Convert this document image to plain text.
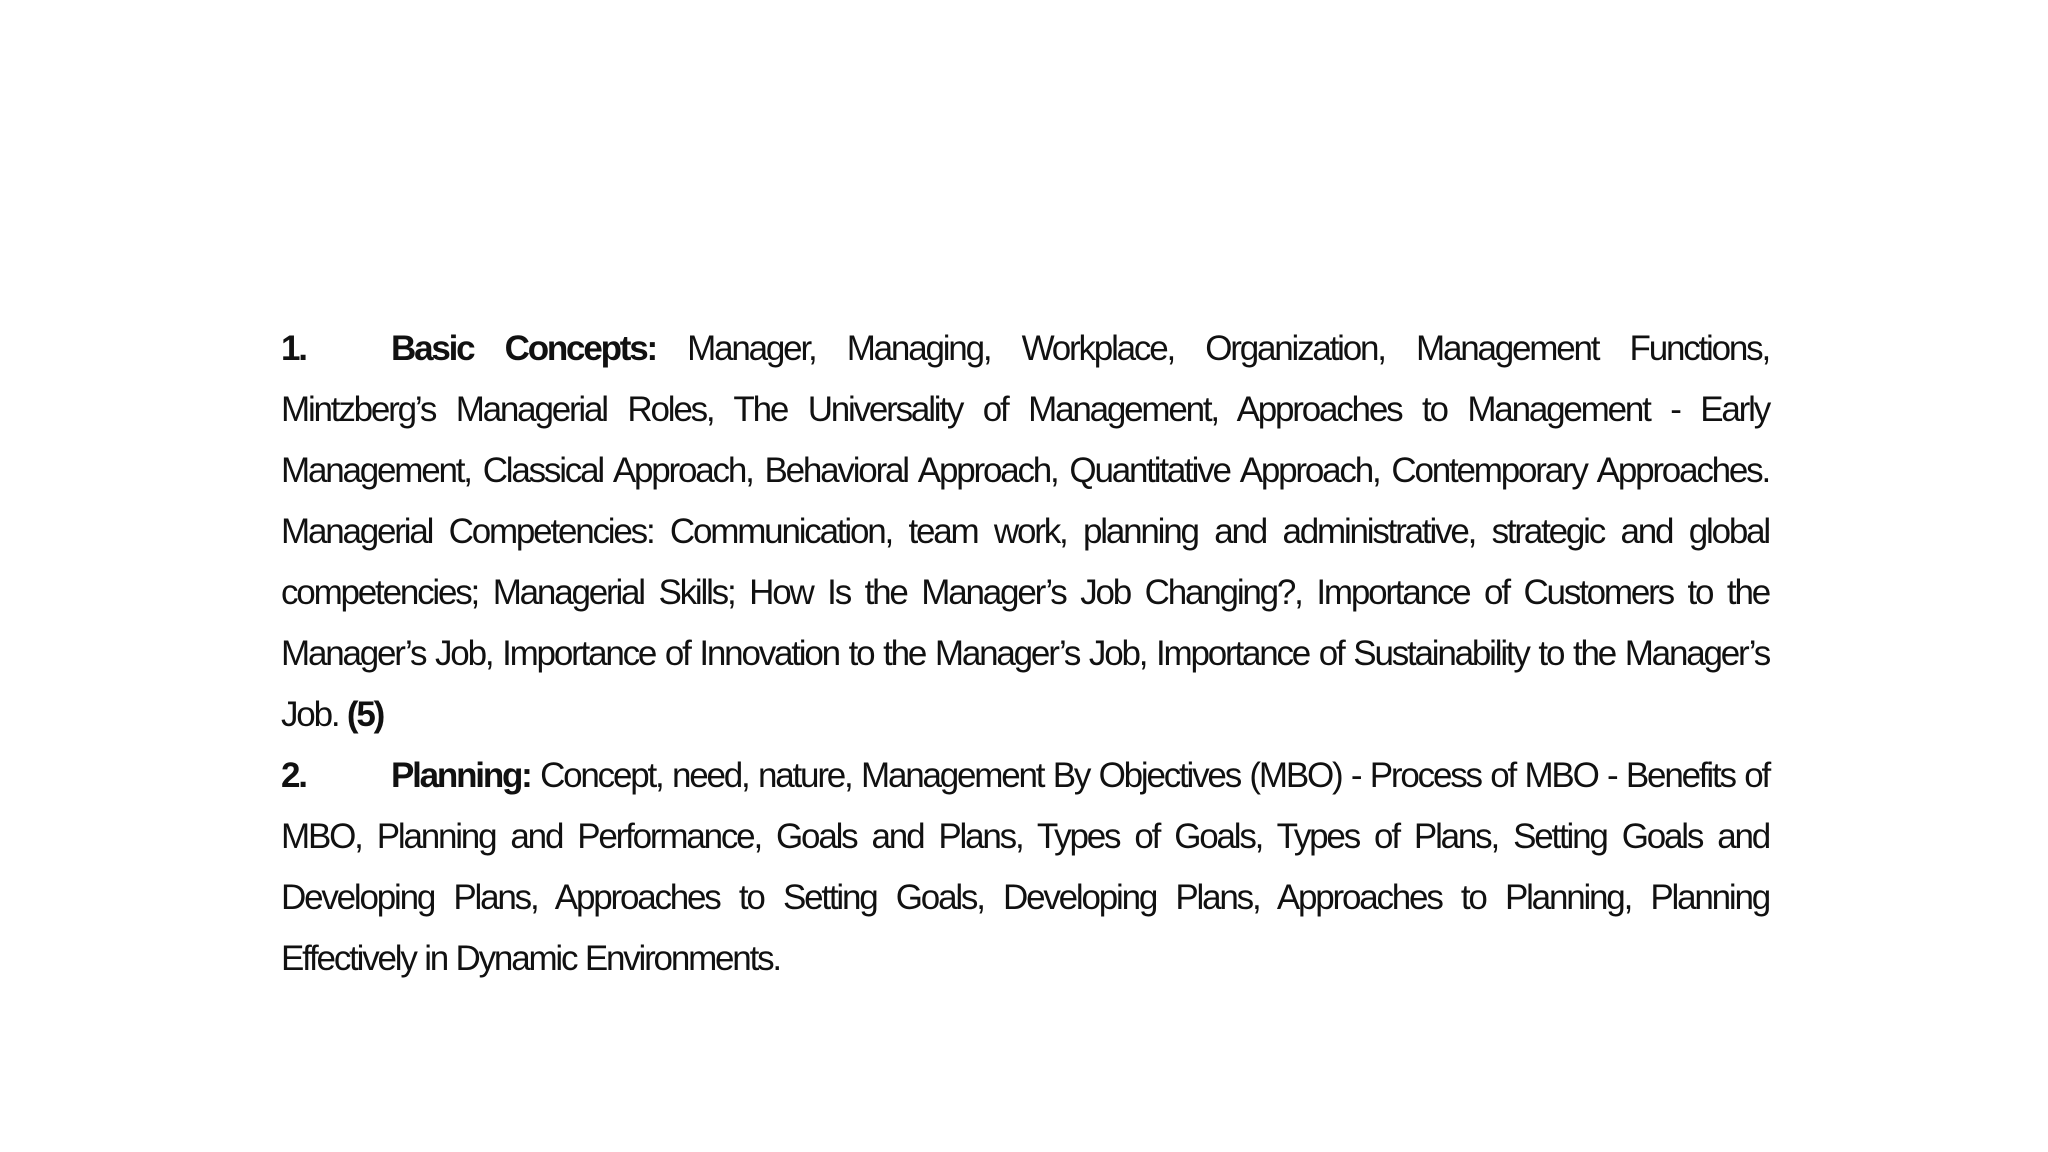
1. Basic Concepts: Manager, Managing, Workplace, Organization, Management Functions, Mintzberg’s Managerial Roles, The Universality of Management, Approaches to Management - Early Management, Classical Approach, Behavioral Approach, Quantitative Approach, Contemporary Approaches. Managerial Competencies: Communication, team work, planning and administrative, strategic and global competencies; Managerial Skills; How Is the Manager’s Job Changing?, Importance of Customers to the Manager’s Job, Importance of Innovation to the Manager’s Job, Importance of Sustainability to the Manager’s Job. (5)

2. Planning: Concept, need, nature, Management By Objectives (MBO) - Process of MBO - Benefits of MBO, Planning and Performance, Goals and Plans, Types of Goals, Types of Plans, Setting Goals and Developing Plans, Approaches to Setting Goals, Developing Plans, Approaches to Planning, Planning Effectively in Dynamic Environments.
